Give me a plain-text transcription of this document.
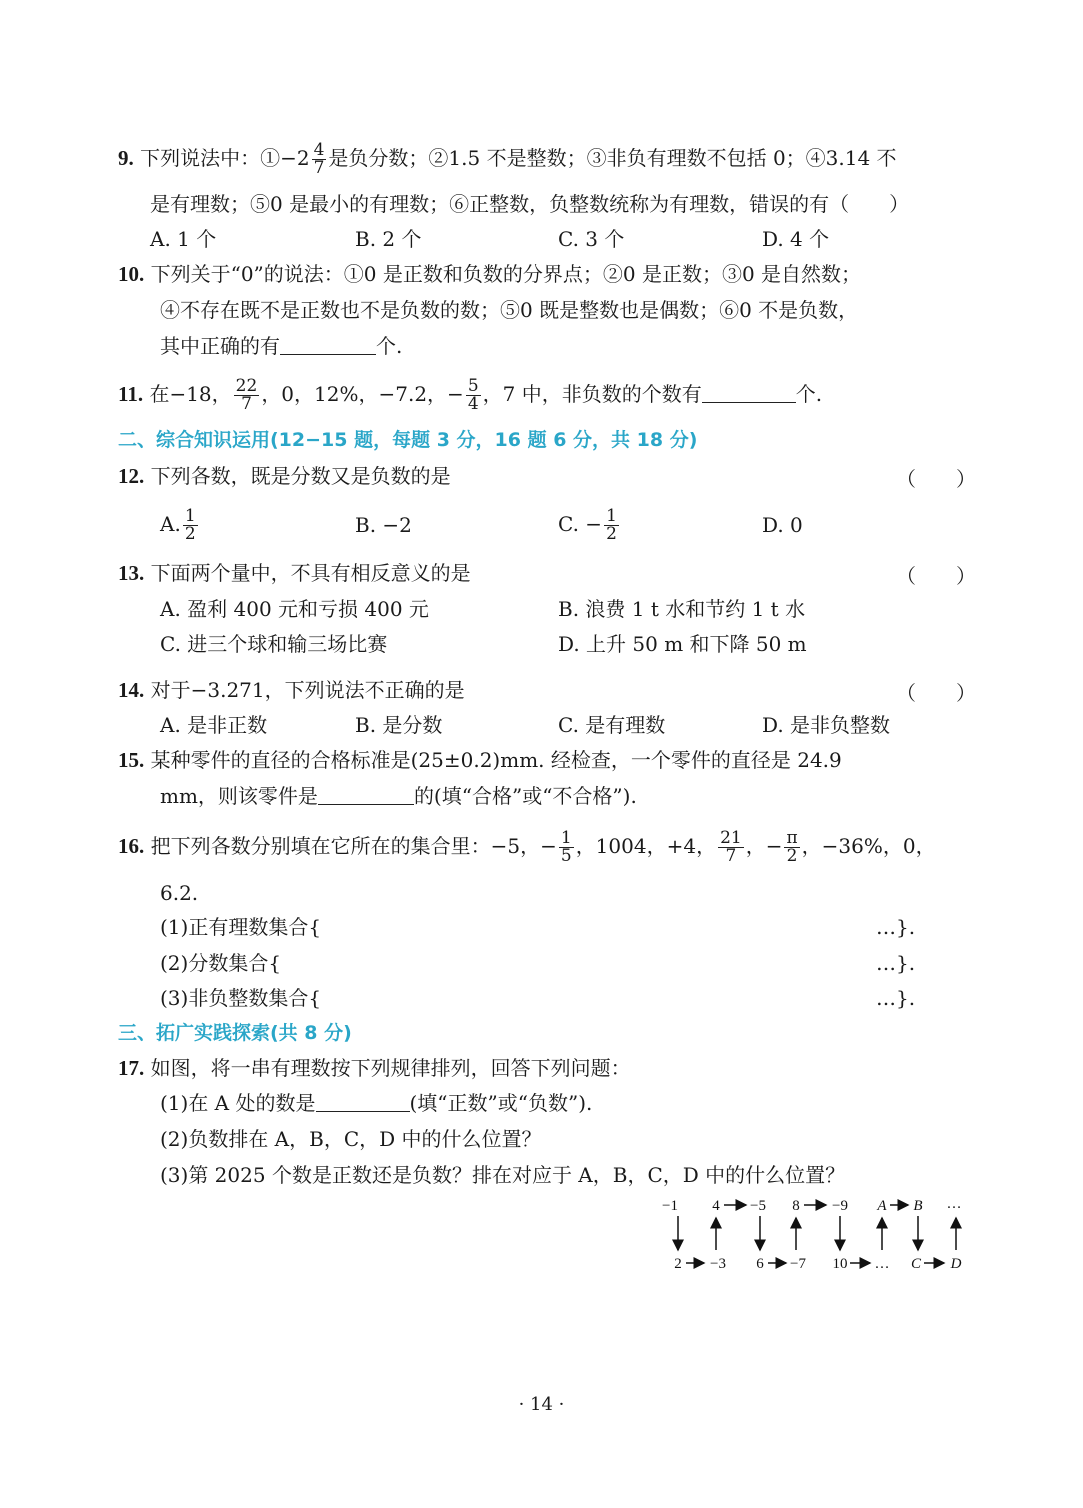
9. 下列说法中：①−2 $\frac{4}{7}$ 是负分数；②1.5 不是整数；③非负有理数不包括 0；④3.14 不
是有理数；⑤0 是最小的有理数；⑥正整数，负整数统称为有理数，错误的有（　　）
A. 1 个	B. 2 个	C. 3 个	D. 4 个
10. 下列关于“0”的说法：①0 是正数和负数的分界点；②0 是正数；③0 是自然数；
④不存在既不是正数也不是负数的数；⑤0 既是整数也是偶数；⑥0 不是负数，
其中正确的有	个.
11. 在−18， $\frac{22}{7}$ ，0，12%，−7.2，− $\frac{5}{4}$ ，7 中，非负数的个数有	个.
二、综合知识运用(12−15 题，每题 3 分，16 题 6 分，共 18 分)
12. 下列各数，既是分数又是负数的是	（　　）
A. $\frac{1}{2}$	B. −2	C. − $\frac{1}{2}$	D. 0
13. 下面两个量中，不具有相反意义的是	（　　）
A. 盈利 400 元和亏损 400 元	B. 浪费 1 t 水和节约 1 t 水
C. 进三个球和输三场比赛	D. 上升 50 m 和下降 50 m
14. 对于−3.271，下列说法不正确的是	（　　）
A. 是非正数	B. 是分数	C. 是有理数	D. 是非负整数
15. 某种零件的直径的合格标准是(25±0.2)mm. 经检查，一个零件的直径是 24.9
mm，则该零件是	的(填“合格”或“不合格”).
16. 把下列各数分别填在它所在的集合里：−5，− $\frac{1}{5}$ ，1004，+4， $\frac{21}{7}$ ，− $\frac{\pi}{2}$ ，−36%，0，
6.2.
(1)正有理数集合{	…}.
(2)分数集合{	…}.
(3)非负整数集合{	…}.
三、拓广实践探索(共 8 分)
17. 如图，将一串有理数按下列规律排列，回答下列问题：
(1)在 A 处的数是	(填“正数”或“负数”).
(2)负数排在 A，B，C，D 中的什么位置？
(3)第 2025 个数是正数还是负数？排在对应于 A，B，C，D 中的什么位置？
−1 4 −5 8 −9 A B …
2 −3 6 −7 10 … C D
· 14 ·
